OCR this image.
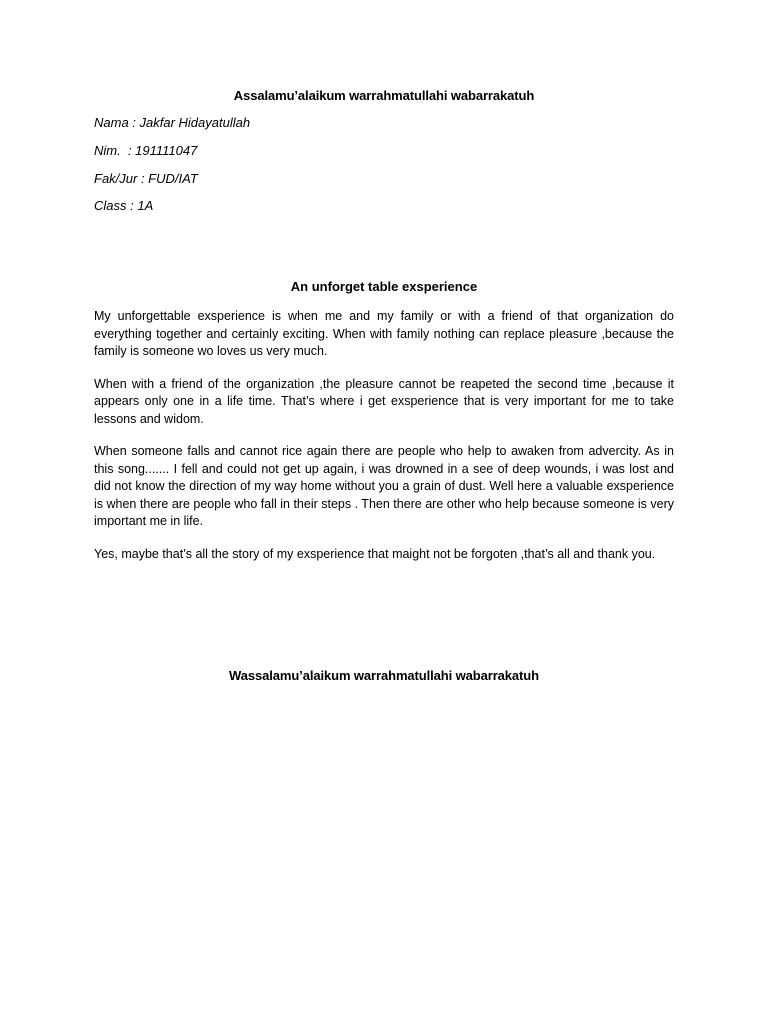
Assalamu’alaikum warrahmatullahi wabarrakatuh
Nama : Jakfar Hidayatullah
Nim.  : 191111047
Fak/Jur : FUD/IAT
Class : 1A
An unforget table exsperience

My unforgettable exsperience is when me and my family or with a friend of that organization do everything together and certainly exciting. When with family nothing can replace pleasure ,because the family is someone wo loves us very much.

When with a friend of the organization ,the pleasure cannot be reapeted the second time ,because it appears only one in a life time. That’s where i get exsperience that is very important for me to take lessons and widom.

When someone falls and cannot rice again there are people who help to awaken from advercity. As in this song....... I fell and could not get up again, i was drowned in a see of deep wounds, i was lost and did not know the direction of my way home without you a grain of dust. Well here a valuable exsperience is when there are people who fall in their steps . Then there are other who help because someone is very important me in life.

Yes, maybe that’s all the story of my exsperience that maight not be forgoten ,that’s all and thank you.

Wassalamu’alaikum warrahmatullahi wabarrakatuh
